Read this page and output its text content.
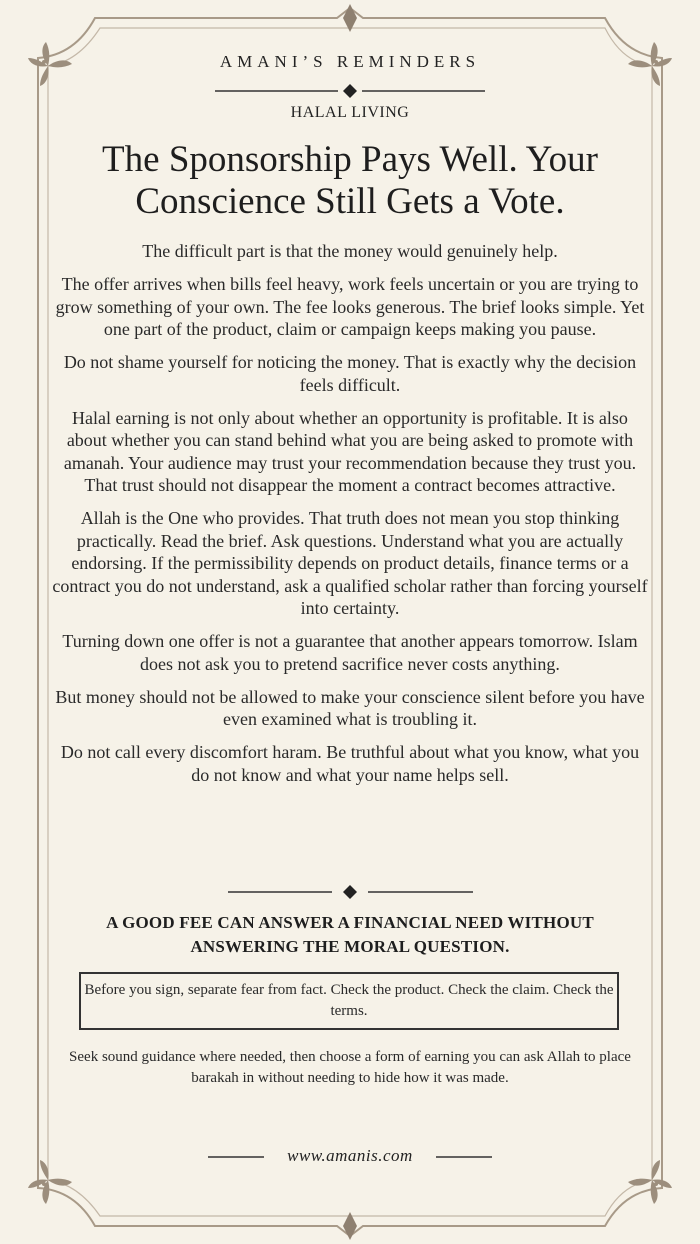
AMANI’S REMINDERS
HALAL LIVING
The Sponsorship Pays Well. Your
Conscience Still Gets a Vote.

The difficult part is that the money would genuinely help.

The offer arrives when bills feel heavy, work feels uncertain or you are trying to grow something of your own. The fee looks generous. The brief looks simple. Yet one part of the product, claim or campaign keeps making you pause.

Do not shame yourself for noticing the money. That is exactly why the decision feels difficult.

Halal earning is not only about whether an opportunity is profitable. It is also about whether you can stand behind what you are being asked to promote with amanah. Your audience may trust your recommendation because they trust you. That trust should not disappear the moment a contract becomes attractive.

Allah is the One who provides. That truth does not mean you stop thinking practically. Read the brief. Ask questions. Understand what you are actually endorsing. If the permissibility depends on product details, finance terms or a contract you do not understand, ask a qualified scholar rather than forcing yourself into certainty.

Turning down one offer is not a guarantee that another appears tomorrow. Islam does not ask you to pretend sacrifice never costs anything.

But money should not be allowed to make your conscience silent before you have even examined what is troubling it.

Do not call every discomfort haram. Be truthful about what you know, what you do not know and what your name helps sell.

A GOOD FEE CAN ANSWER A FINANCIAL NEED WITHOUT
ANSWERING THE MORAL QUESTION.
Before you sign, separate fear from fact. Check the product. Check the claim. Check the terms.
Seek sound guidance where needed, then choose a form of earning you can ask Allah to place barakah in without needing to hide how it was made.
www.amanis.com
